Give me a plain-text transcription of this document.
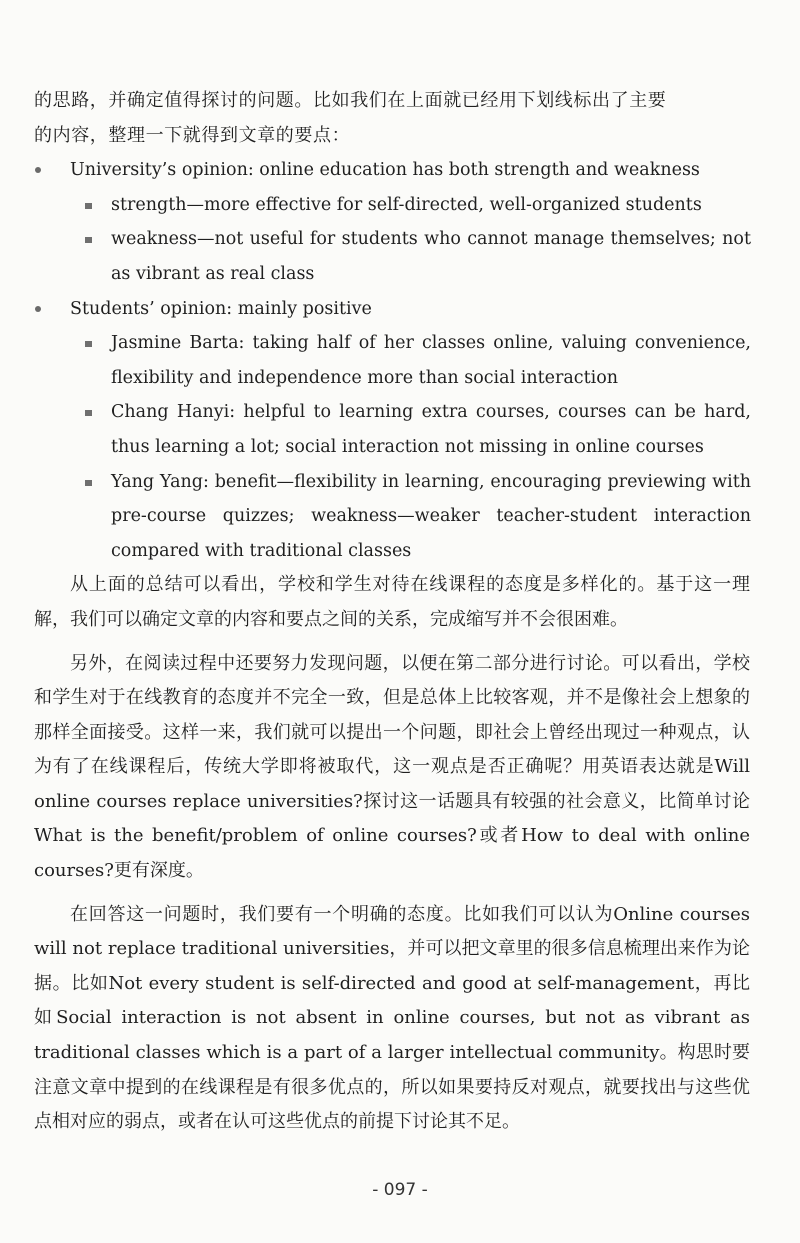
的思路，并确定值得探讨的问题。比如我们在上面就已经用下划线标出了主要

的内容，整理一下就得到文章的要点：

University’s opinion: online education has both strength and weakness
strength—more effective for self-directed, well-organized students
weakness—not useful for students who cannot manage themselves; not as vibrant as real class
Students’ opinion: mainly positive
Jasmine Barta: taking half of her classes online, valuing convenience, flexibility and independence more than social interaction
Chang Hanyi: helpful to learning extra courses, courses can be hard, thus learning a lot; social interaction not missing in online courses
Yang Yang: benefit—flexibility in learning, encouraging previewing with pre-course quizzes; weakness—weaker teacher-student interaction compared with traditional classes

从上面的总结可以看出，学校和学生对待在线课程的态度是多样化的。基于这一理解，我们可以确定文章的内容和要点之间的关系，完成缩写并不会很困难。

另外，在阅读过程中还要努力发现问题，以便在第二部分进行讨论。可以看出，学校和学生对于在线教育的态度并不完全一致，但是总体上比较客观，并不是像社会上想象的那样全面接受。这样一来，我们就可以提出一个问题，即社会上曾经出现过一种观点，认为有了在线课程后，传统大学即将被取代，这一观点是否正确呢？用英语表达就是Will online courses replace universities?探讨这一话题具有较强的社会意义，比简单讨论What is the benefit/problem of online courses?或者How to deal with online courses?更有深度。

在回答这一问题时，我们要有一个明确的态度。比如我们可以认为Online courses will not replace traditional universities，并可以把文章里的很多信息梳理出来作为论据。比如Not every student is self-directed and good at self-management，再比如Social interaction is not absent in online courses, but not as vibrant as traditional classes which is a part of a larger intellectual community。构思时要注意文章中提到的在线课程是有很多优点的，所以如果要持反对观点，就要找出与这些优点相对应的弱点，或者在认可这些优点的前提下讨论其不足。

- 097 -
